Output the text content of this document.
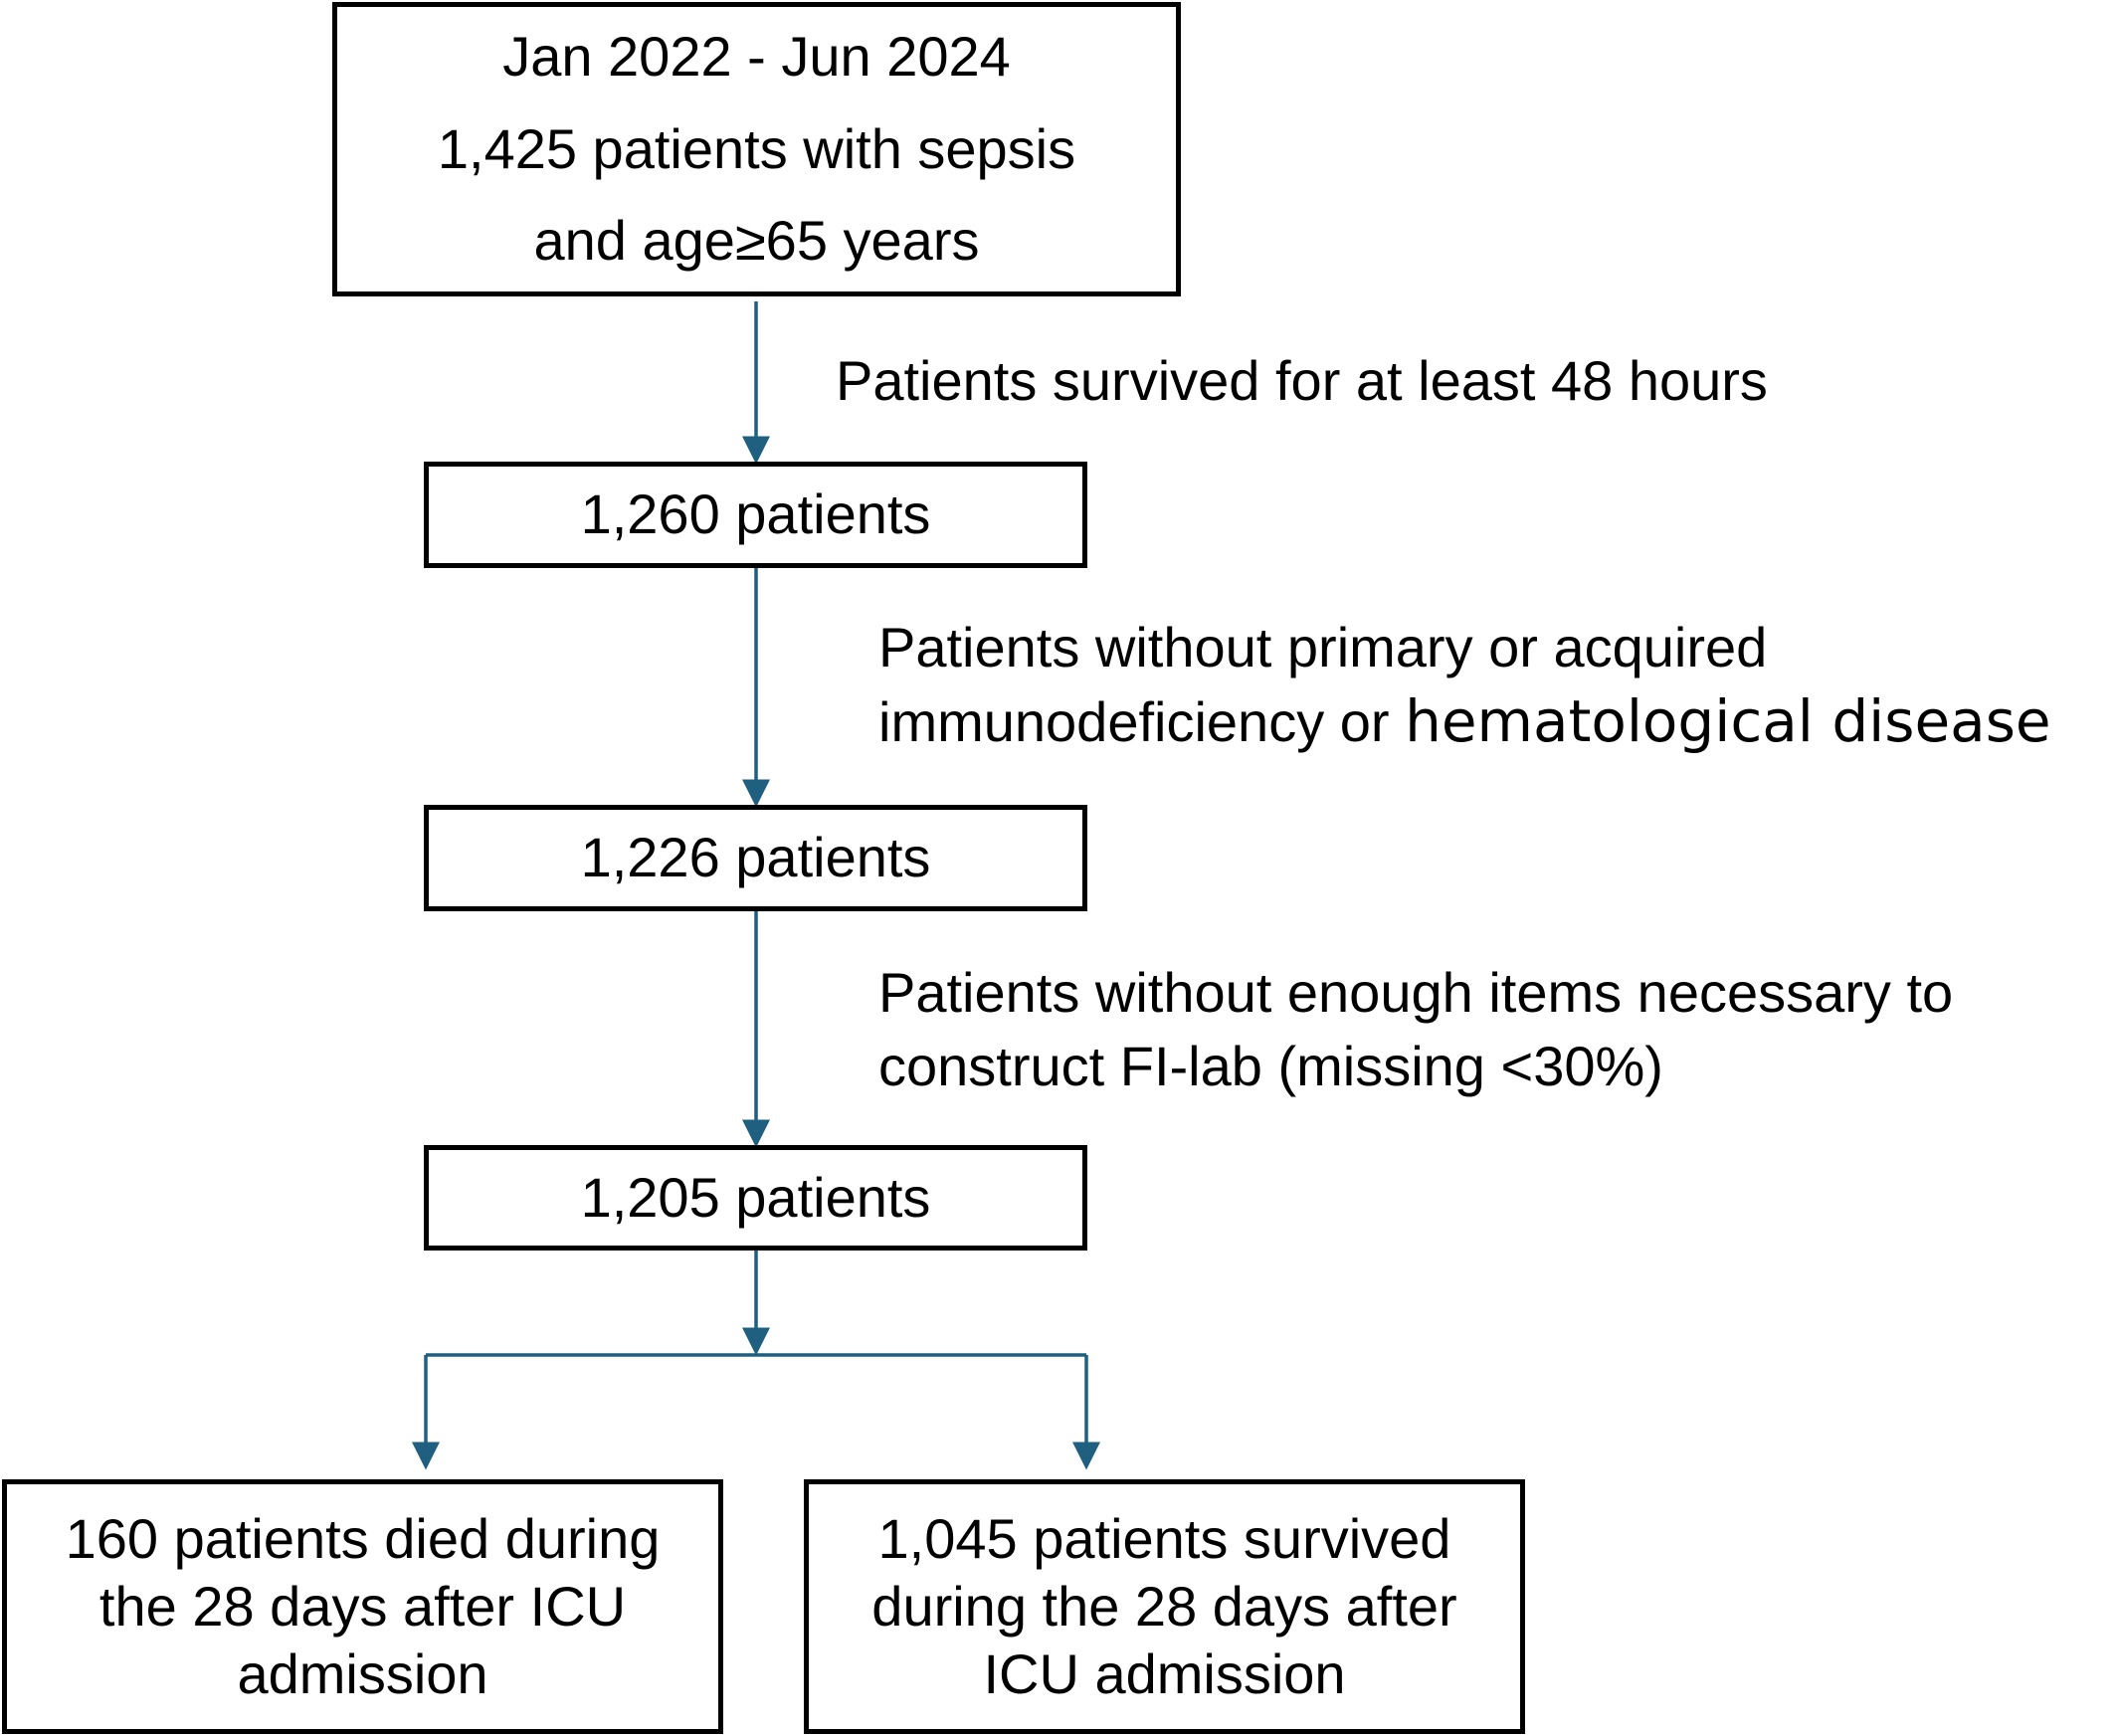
Jan 2022 - Jun 2024
1,425 patients with sepsis
and age≥65 years
Patients survived for at least 48 hours
1,260 patients
Patients without primary or acquired
immunodeficiency or hematological disease
1,226 patients
Patients without enough items necessary to
construct FI-lab (missing <30%)
1,205 patients
160 patients died during
the 28 days after ICU
admission
1,045 patients survived
during the 28 days after
ICU admission
